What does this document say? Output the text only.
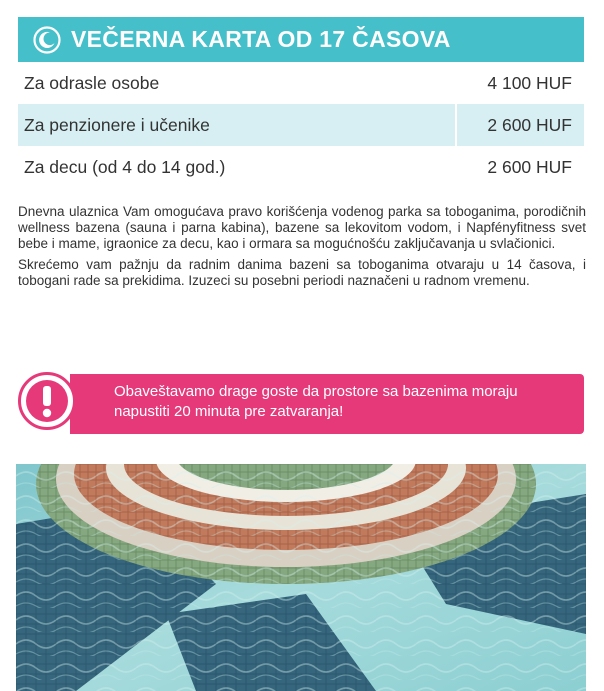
VEČERNA KARTA OD 17 ČASOVA
Za odrasle osobe	4 100 HUF
Za penzionere i učenike	2 600 HUF
Za decu (od 4 do 14 god.)	2 600 HUF

Dnevna ulaznica Vam omogućava pravo korišćenja vodenog parka sa toboganima, porodičnih wellness bazena (sauna i parna kabina), bazene sa lekovitom vodom, i Napfényfitness svet bebe i mame, igraonice za decu, kao i ormara sa mogućnošću zaključavanja u svlačionici.

Skrećemo vam pažnju da radnim danima bazeni sa toboganima otvaraju u 14 časova, i tobogani rade sa prekidima. Izuzeci su posebni periodi naznačeni u radnom vremenu.

Obaveštavamo drage goste da prostore sa bazenima moraju napustiti 20 minuta pre zatvaranja!
